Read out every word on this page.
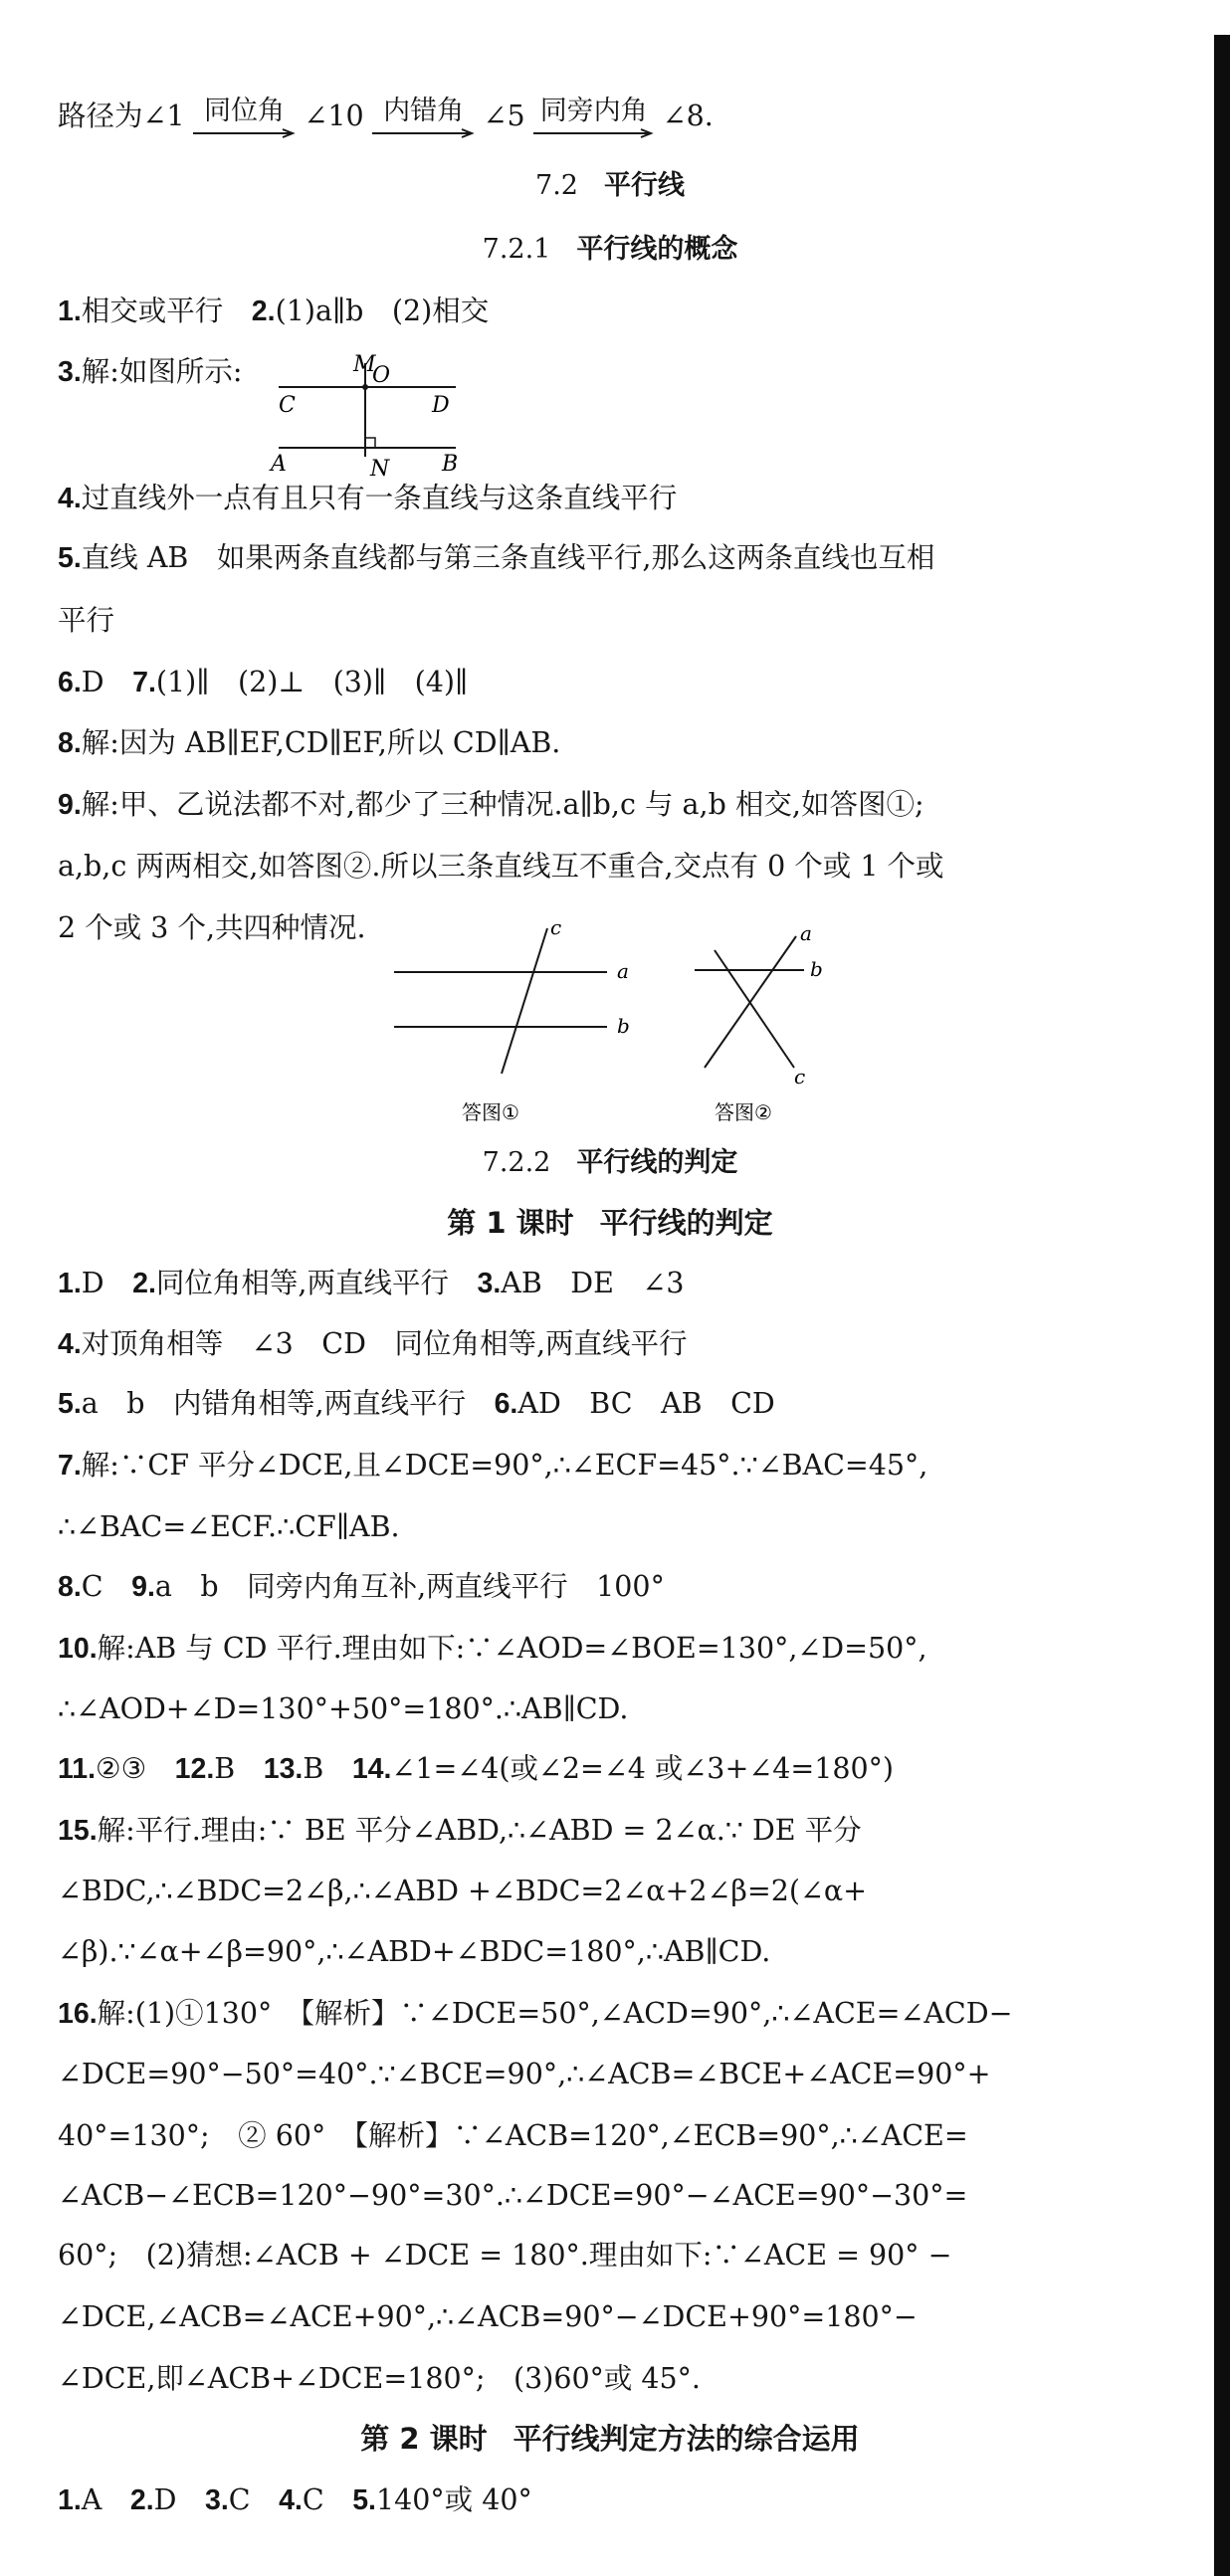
路径为∠1 同位角 ∠10 内错角 ∠5 同旁内角 ∠8.
7.2 平行线
7.2.1 平行线的概念
1.相交或平行　2.(1)a∥b　(2)相交
3.解:如图所示:	M
O
C	D
A	N B
4.过直线外一点有且只有一条直线与这条直线平行
5.直线 AB　如果两条直线都与第三条直线平行,那么这两条直线也互相
平行
6.D　7.(1)∥　(2)⊥　(3)∥　(4)∥
8.解:因为 AB∥EF,CD∥EF,所以 CD∥AB.
9.解:甲、乙说法都不对,都少了三种情况.a∥b,c 与 a,b 相交,如答图①;
a,b,c 两两相交,如答图②.所以三条直线互不重合,交点有 0 个或 1 个或
2 个或 3 个,共四种情况.
a
b
c
答图①
a
b
c
答图②
7.2.2 平行线的判定
第 1 课时 平行线的判定
1.D　2.同位角相等,两直线平行　3.AB　DE　∠3
4.对顶角相等　∠3　CD　同位角相等,两直线平行
5.a　b　内错角相等,两直线平行　6.AD　BC　AB　CD
7.解:∵CF 平分∠DCE,且∠DCE=90°,∴∠ECF=45°.∵∠BAC=45°,
∴∠BAC=∠ECF.∴CF∥AB.
8.C　9.a　b　同旁内角互补,两直线平行　100°
10.解:AB 与 CD 平行.理由如下:∵∠AOD=∠BOE=130°,∠D=50°,
∴∠AOD+∠D=130°+50°=180°.∴AB∥CD.
11.②③　12.B　13.B　14.∠1=∠4(或∠2=∠4 或∠3+∠4=180°)
15.解:平行.理由:∵ BE 平分∠ABD,∴∠ABD = 2∠α.∵ DE 平分
∠BDC,∴∠BDC=2∠β,∴∠ABD +∠BDC=2∠α+2∠β=2(∠α+
∠β).∵∠α+∠β=90°,∴∠ABD+∠BDC=180°,∴AB∥CD.
16.解:(1)①130°　【解析】∵∠DCE=50°,∠ACD=90°,∴∠ACE=∠ACD−
∠DCE=90°−50°=40°.∵∠BCE=90°,∴∠ACB=∠BCE+∠ACE=90°+
40°=130°;　② 60°　【解析】∵∠ACB=120°,∠ECB=90°,∴∠ACE=
∠ACB−∠ECB=120°−90°=30°.∴∠DCE=90°−∠ACE=90°−30°=
60°;　(2)猜想:∠ACB + ∠DCE = 180°.理由如下:∵∠ACE = 90° −
∠DCE,∠ACB=∠ACE+90°,∴∠ACB=90°−∠DCE+90°=180°−
∠DCE,即∠ACB+∠DCE=180°;　(3)60°或 45°.
第 2 课时 平行线判定方法的综合运用
1.A　2.D　3.C　4.C　5.140°或 40°
